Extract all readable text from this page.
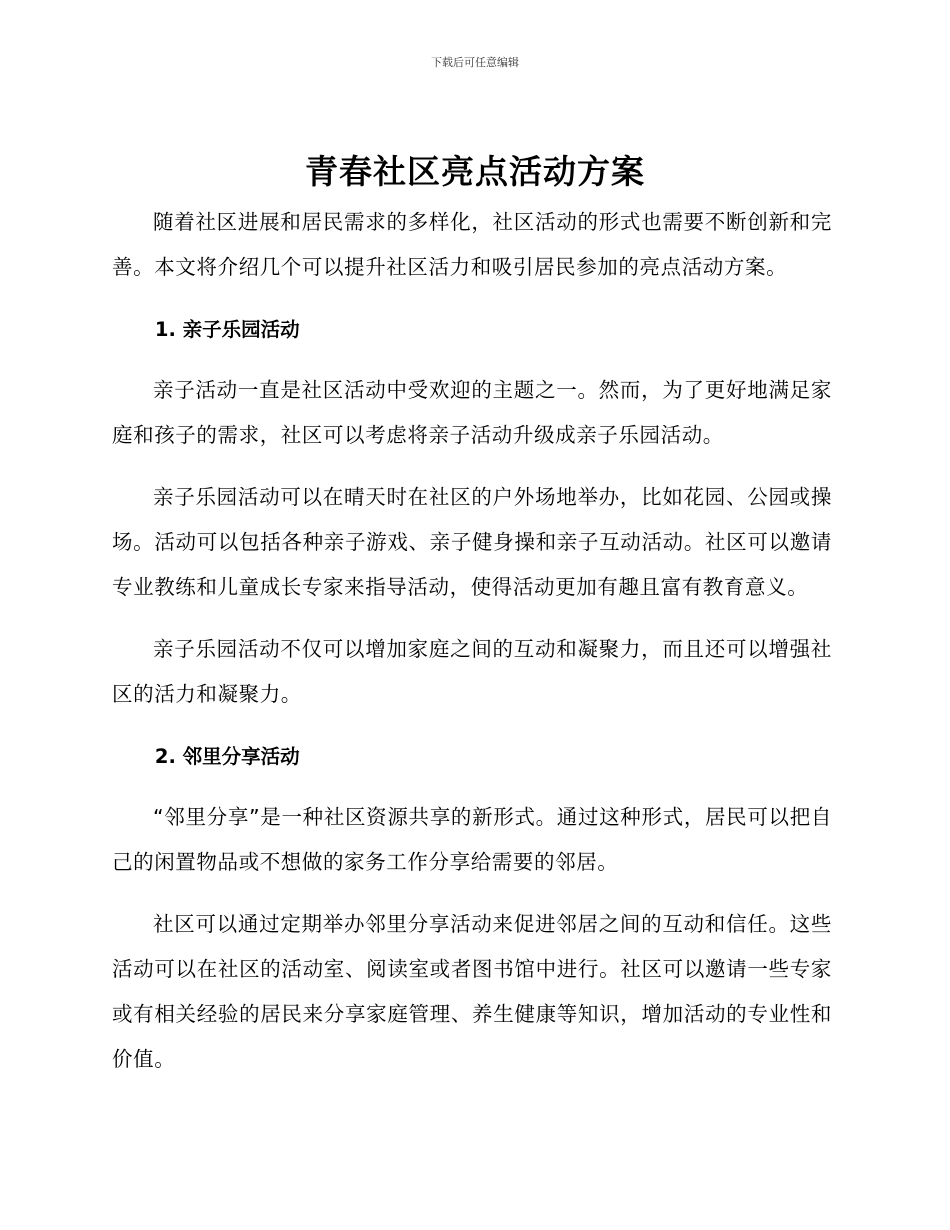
下载后可任意编辑
青春社区亮点活动方案

随着社区进展和居民需求的多样化，社区活动的形式也需要不断创新和完善。本文将介绍几个可以提升社区活力和吸引居民参加的亮点活动方案。

1. 亲子乐园活动

亲子活动一直是社区活动中受欢迎的主题之一。然而，为了更好地满足家庭和孩子的需求，社区可以考虑将亲子活动升级成亲子乐园活动。

亲子乐园活动可以在晴天时在社区的户外场地举办，比如花园、公园或操场。活动可以包括各种亲子游戏、亲子健身操和亲子互动活动。社区可以邀请专业教练和儿童成长专家来指导活动，使得活动更加有趣且富有教育意义。

亲子乐园活动不仅可以增加家庭之间的互动和凝聚力，而且还可以增强社区的活力和凝聚力。

2. 邻里分享活动

“邻里分享”是一种社区资源共享的新形式。通过这种形式，居民可以把自己的闲置物品或不想做的家务工作分享给需要的邻居。

社区可以通过定期举办邻里分享活动来促进邻居之间的互动和信任。这些活动可以在社区的活动室、阅读室或者图书馆中进行。社区可以邀请一些专家或有相关经验的居民来分享家庭管理、养生健康等知识，增加活动的专业性和价值。
